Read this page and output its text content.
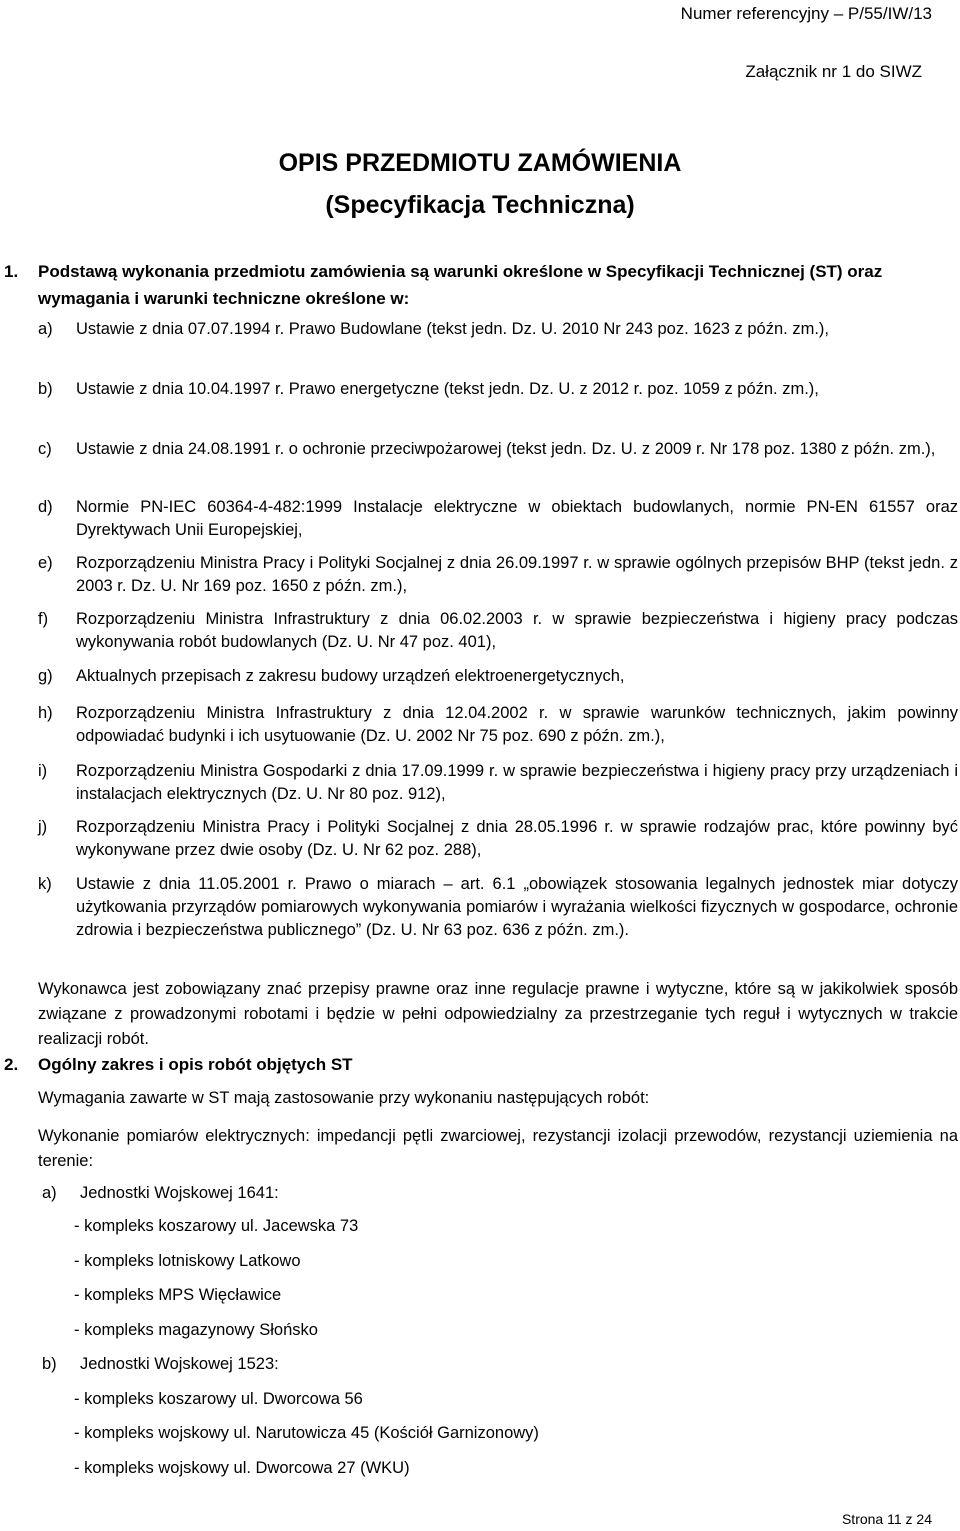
Numer referencyjny – P/55/IW/13
Załącznik nr 1 do SIWZ
OPIS PRZEDMIOTU ZAMÓWIENIA
(Specyfikacja Techniczna)
1. Podstawą wykonania przedmiotu zamówienia są warunki określone w Specyfikacji Technicznej (ST) oraz wymagania i warunki techniczne określone w:
a) Ustawie z dnia 07.07.1994 r. Prawo Budowlane (tekst jedn. Dz. U. 2010 Nr 243 poz. 1623 z późn. zm.),
b) Ustawie z dnia 10.04.1997 r. Prawo energetyczne (tekst jedn. Dz. U. z 2012 r. poz. 1059 z późn. zm.),
c) Ustawie z dnia 24.08.1991 r. o ochronie przeciwpożarowej (tekst jedn. Dz. U. z 2009 r. Nr 178 poz. 1380 z późn. zm.),
d) Normie PN-IEC 60364-4-482:1999 Instalacje elektryczne w obiektach budowlanych, normie PN-EN 61557 oraz Dyrektywach Unii Europejskiej,
e) Rozporządzeniu Ministra Pracy i Polityki Socjalnej z dnia 26.09.1997 r. w sprawie ogólnych przepisów BHP (tekst jedn. z 2003 r. Dz. U. Nr 169 poz. 1650 z późn. zm.),
f) Rozporządzeniu Ministra Infrastruktury z dnia 06.02.2003 r. w sprawie bezpieczeństwa i higieny pracy podczas wykonywania robót budowlanych (Dz. U. Nr 47 poz. 401),
g) Aktualnych przepisach z zakresu budowy urządzeń elektroenergetycznych,
h) Rozporządzeniu Ministra Infrastruktury z dnia 12.04.2002 r. w sprawie warunków technicznych, jakim powinny odpowiadać budynki i ich usytuowanie (Dz. U. 2002 Nr 75 poz. 690 z późn. zm.),
i) Rozporządzeniu Ministra Gospodarki z dnia 17.09.1999 r. w sprawie bezpieczeństwa i higieny pracy przy urządzeniach i instalacjach elektrycznych (Dz. U. Nr 80 poz. 912),
j) Rozporządzeniu Ministra Pracy i Polityki Socjalnej z dnia 28.05.1996 r. w sprawie rodzajów prac, które powinny być wykonywane przez dwie osoby (Dz. U. Nr 62 poz. 288),
k) Ustawie z dnia 11.05.2001 r. Prawo o miarach – art. 6.1 „obowiązek stosowania legalnych jednostek miar dotyczy użytkowania przyrządów pomiarowych wykonywania pomiarów i wyrażania wielkości fizycznych w gospodarce, ochronie zdrowia i bezpieczeństwa publicznego” (Dz. U. Nr 63 poz. 636 z późn. zm.).
Wykonawca jest zobowiązany znać przepisy prawne oraz inne regulacje prawne i wytyczne, które są w jakikolwiek sposób związane z prowadzonymi robotami i będzie w pełni odpowiedzialny za przestrzeganie tych reguł i wytycznych w trakcie realizacji robót.
2. Ogólny zakres i opis robót objętych ST
Wymagania zawarte w ST mają zastosowanie przy wykonaniu następujących robót:
Wykonanie pomiarów elektrycznych: impedancji pętli zwarciowej, rezystancji izolacji przewodów, rezystancji uziemienia na terenie:
a) Jednostki Wojskowej 1641:
- kompleks koszarowy ul. Jacewska 73
- kompleks lotniskowy Latkowo
- kompleks MPS Więcławice
- kompleks magazynowy Słońsko
b) Jednostki Wojskowej 1523:
- kompleks koszarowy ul. Dworcowa 56
- kompleks wojskowy ul. Narutowicza 45 (Kościół Garnizonowy)
- kompleks wojskowy ul. Dworcowa 27 (WKU)
Strona 11 z 24
